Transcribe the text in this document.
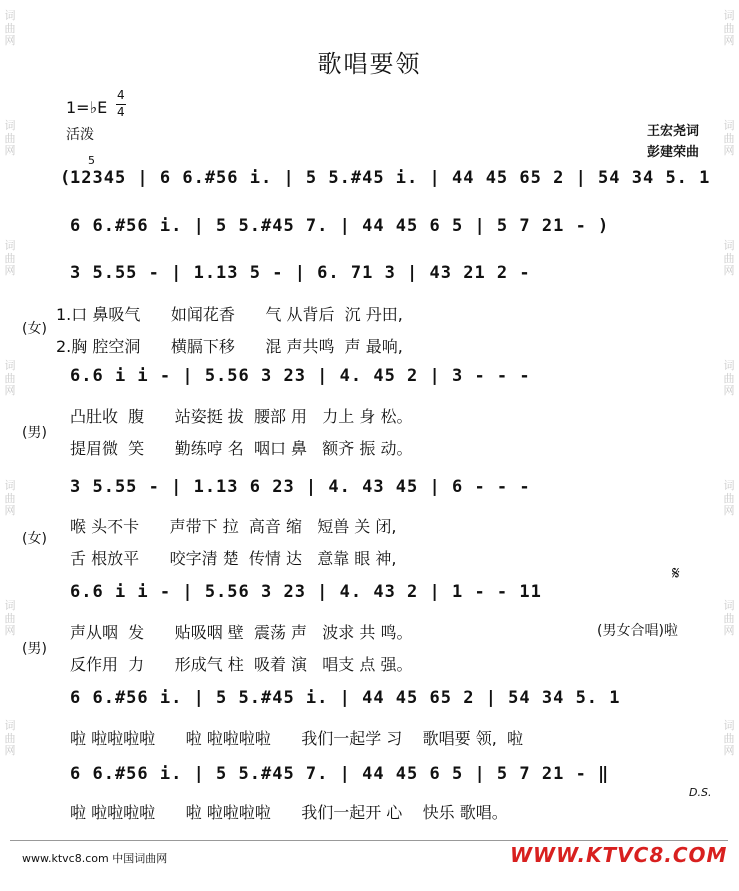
词曲网
词曲网
词曲网
词曲网
词曲网
词曲网
词曲网
词曲网
词曲网
词曲网
词曲网
词曲网
词曲网
词曲网
歌唱要领
1=♭E
4
4
活泼	王宏尧词
彭建荣曲
5
(
12345 | 6 6.#56 i. | 5 5.#45 i. | 44 45 65 2 | 54 34 5. 1
6 6.#56 i. | 5 5.#45 7. | 44 45 6 5 | 5 7 21 - )
3 5.55 - | 1.13 5 - | 6. 71 3 | 43 21 2 -
6.6 i i - | 5.56 3 23 | 4. 45 2 | 3 - - -
3 5.55 - | 1.13 6 23 | 4. 43 45 | 6 - - -
6.6 i i - | 5.56 3 23 | 4. 43 2 | 1 - - 11
𝄋
6 6.#56 i. | 5 5.#45 i. | 44 45 65 2 | 54 34 5. 1
6 6.#56 i. | 5 5.#45 7. | 44 45 6 5 | 5 7 21 - ‖
D.S.
(女)
(男)
(女)
(男)
1.口 鼻吸气      如闻花香      气 从背后  沉 丹田,
2.胸 腔空洞      横膈下移      混 声共鸣  声 最响,
凸肚收  腹      站姿挺 拔  腰部 用   力上 身 松。
提眉微  笑      勤练哼 名  咽口 鼻   额齐 振 动。
喉 头不卡      声带下 拉  高音 缩   短兽 关 闭,
舌 根放平      咬字清 楚  传情 达   意靠 眼 神,
声从咽  发      贴吸咽 壁  震荡 声   波求 共 鸣。	(男女合唱)啦
反作用  力      形成气 柱  吸着 演   唱支 点 强。
啦 啦啦啦啦      啦 啦啦啦啦      我们一起学 习    歌唱要 领,  啦
啦 啦啦啦啦      啦 啦啦啦啦      我们一起开 心    快乐 歌唱。
www.ktvc8.com 中国词曲网	WWW.KTVC8.COM
